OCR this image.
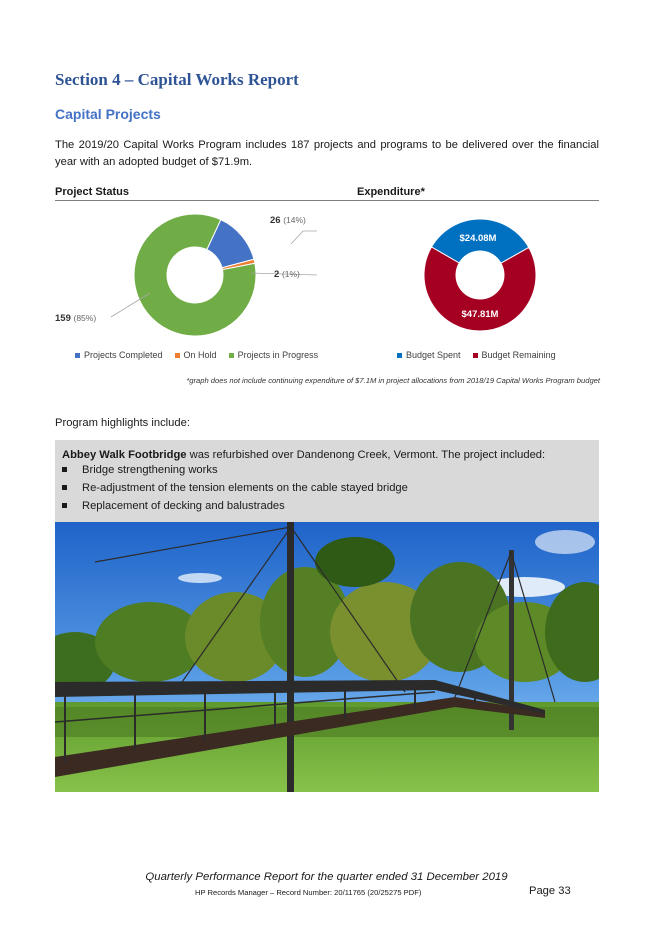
Section 4 – Capital Works Report
Capital Projects
The 2019/20 Capital Works Program includes 187 projects and programs to be delivered over the financial year with an adopted budget of $71.9m.
Project Status	Expenditure*
26 (14%)
2 (1%)
159 (85%)
Projects Completed	On Hold	Projects in Progress
$24.08M
$47.81M
Budget Spent	Budget Remaining
*graph does not include continuing expenditure of $7.1M in project allocations from 2018/19 Capital Works Program budget
Program highlights include:
Abbey Walk Footbridge was refurbished over Dandenong Creek, Vermont. The project included:
Bridge strengthening works
Re-adjustment of the tension elements on the cable stayed bridge
Replacement of decking and balustrades
Quarterly Performance Report for the quarter ended 31 December 2019
HP Records Manager – Record Number: 20/11765 (20/25275 PDF)	Page 33
